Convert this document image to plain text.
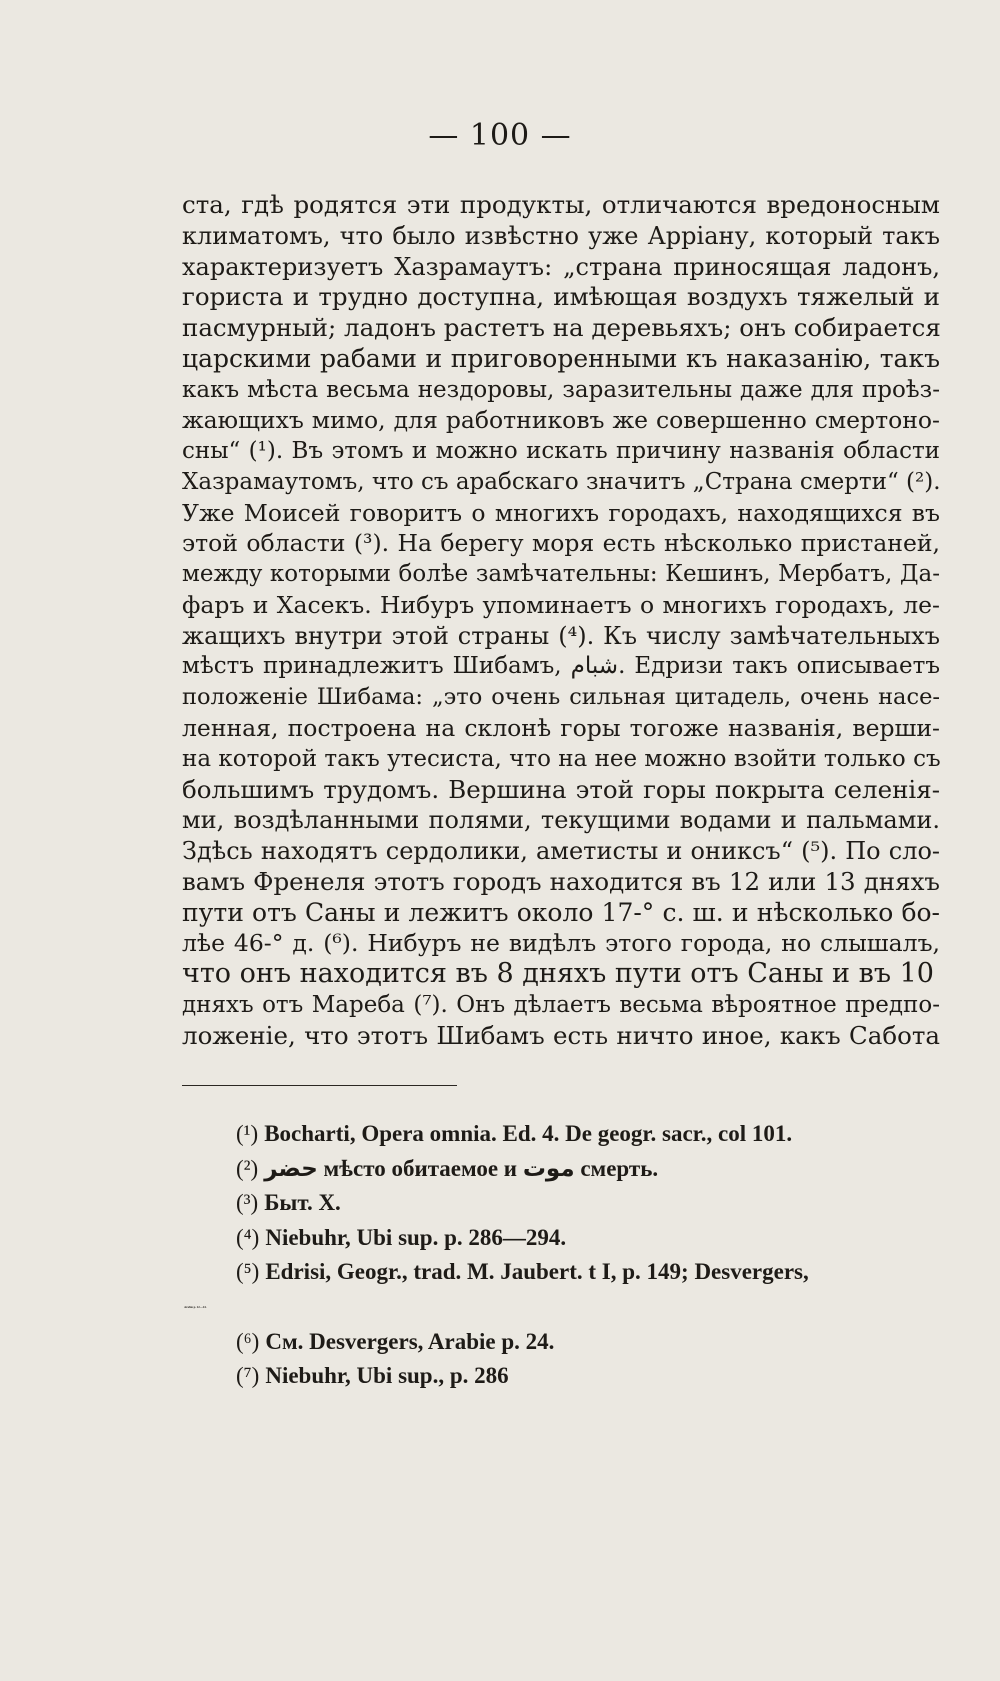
— 100 —
ста, гдѣ родятся эти продукты, отличаются вредоносным
климатомъ, что было извѣстно уже Арріану, который такъ
характеризуетъ Хазрамаутъ: „страна приносящая ладонъ,
гориста и трудно доступна, имѣющая воздухъ тяжелый и
пасмурный; ладонъ растетъ на деревьяхъ; онъ собирается
царскими рабами и приговоренными къ наказанію, такъ
какъ мѣста весьма нездоровы, заразительны даже для проѣз-
жающихъ мимо, для работниковъ же совершенно смертоно-
сны“ (¹). Въ этомъ и можно искать причину названія области
Хазрамаутомъ, что съ арабскаго значитъ „Страна смерти“ (²).
Уже Моисей говоритъ о многихъ городахъ, находящихся въ
этой области (³). На берегу моря есть нѣсколько пристаней,
между которыми болѣе замѣчательны: Кешинъ, Мербатъ, Да-
фаръ и Хасекъ. Нибуръ упоминаетъ о многихъ городахъ, ле-
жащихъ внутри этой страны (⁴). Къ числу замѣчательныхъ
мѣстъ принадлежитъ Шибамъ, شبام. Едризи такъ описываетъ
положеніе Шибама: „это очень сильная цитадель, очень насе-
ленная, построена на склонѣ горы тогоже названія, верши-
на которой такъ утесиста, что на нее можно взойти только съ
большимъ трудомъ. Вершина этой горы покрыта селенія-
ми, воздѣланными полями, текущими водами и пальмами.
Здѣсь находятъ сердолики, аметисты и ониксъ“ (⁵). По сло-
вамъ Френеля этотъ городъ находится въ 12 или 13 дняхъ
пути отъ Саны и лежитъ около 17-° с. ш. и нѣсколько бо-
лѣе 46-° д. (⁶). Нибуръ не видѣлъ этого города, но слышалъ,
что онъ находится въ 8 дняхъ пути отъ Саны и въ 10
дняхъ отъ Мареба (⁷). Онъ дѣлаетъ весьма вѣроятное предпо-
ложеніе, что этотъ Шибамъ есть ничто иное, какъ Сабота
(¹) Bocharti, Opera omnia. Ed. 4. De geogr. sacr., col 101.
(²) حضر мѣсто обитаемое и موت смерть.
(³) Быт. X.
(⁴) Niebuhr, Ubi sup. p. 286—294.
(⁵) Edrisi, Geogr., trad. M. Jaubert. t I, p. 149; Desvergers,
Arabie p. 22—24.
(⁶) См. Desvergers, Arabie p. 24.
(⁷) Niebuhr, Ubi sup., p. 286
